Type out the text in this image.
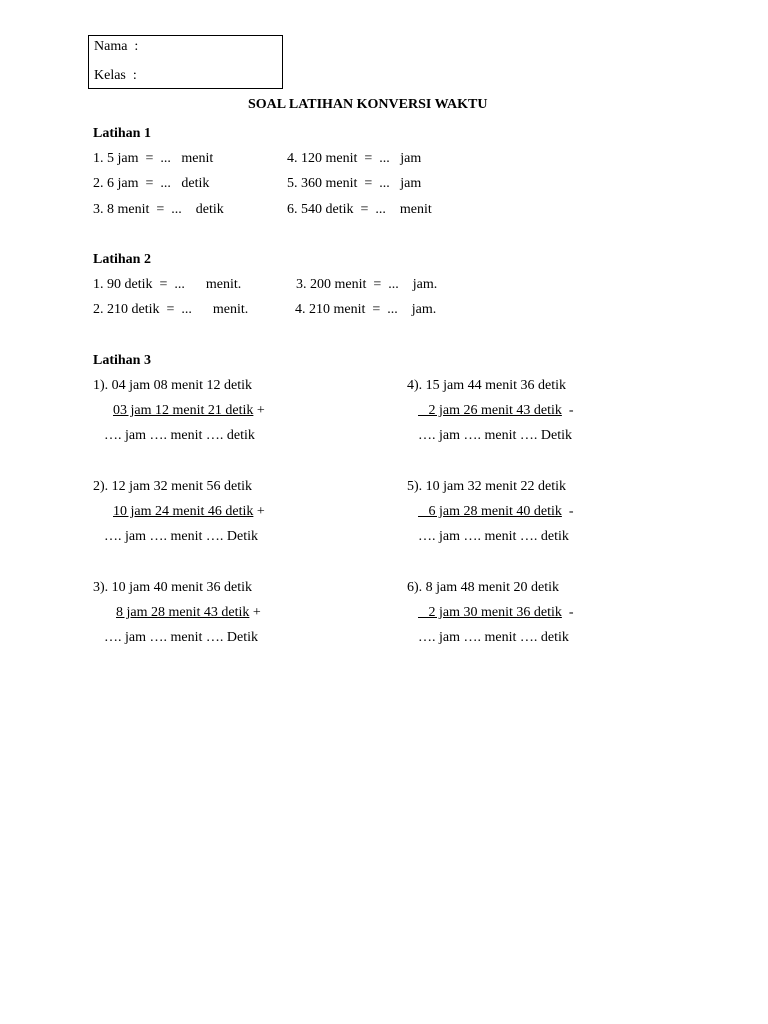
Nama  :
Kelas  :
SOAL LATIHAN KONVERSI WAKTU
Latihan 1
1. 5 jam  =  ...   menit
2. 6 jam  =  ...   detik
3. 8 menit  =  ...    detik
4. 120 menit  =  ...   jam
5. 360 menit  =  ...   jam
6. 540 detik  =  ...    menit
Latihan 2
1. 90 detik  =  ...      menit.
2. 210 detik  =  ...      menit.
3. 200 menit  =  ...    jam.
4. 210 menit  =  ...    jam.
Latihan 3
1). 04 jam 08 menit 12 detik
03 jam 12 menit 21 detik +
…. jam …. menit …. detik
4). 15 jam 44 menit 36 detik
2 jam 26 menit 43 detik  -
…. jam …. menit …. Detik
2). 12 jam 32 menit 56 detik
10 jam 24 menit 46 detik +
…. jam …. menit …. Detik
5). 10 jam 32 menit 22 detik
6 jam 28 menit 40 detik  -
…. jam …. menit …. detik
3). 10 jam 40 menit 36 detik
8 jam 28 menit 43 detik +
…. jam …. menit …. Detik
6). 8 jam 48 menit 20 detik
2 jam 30 menit 36 detik  -
…. jam …. menit …. detik
